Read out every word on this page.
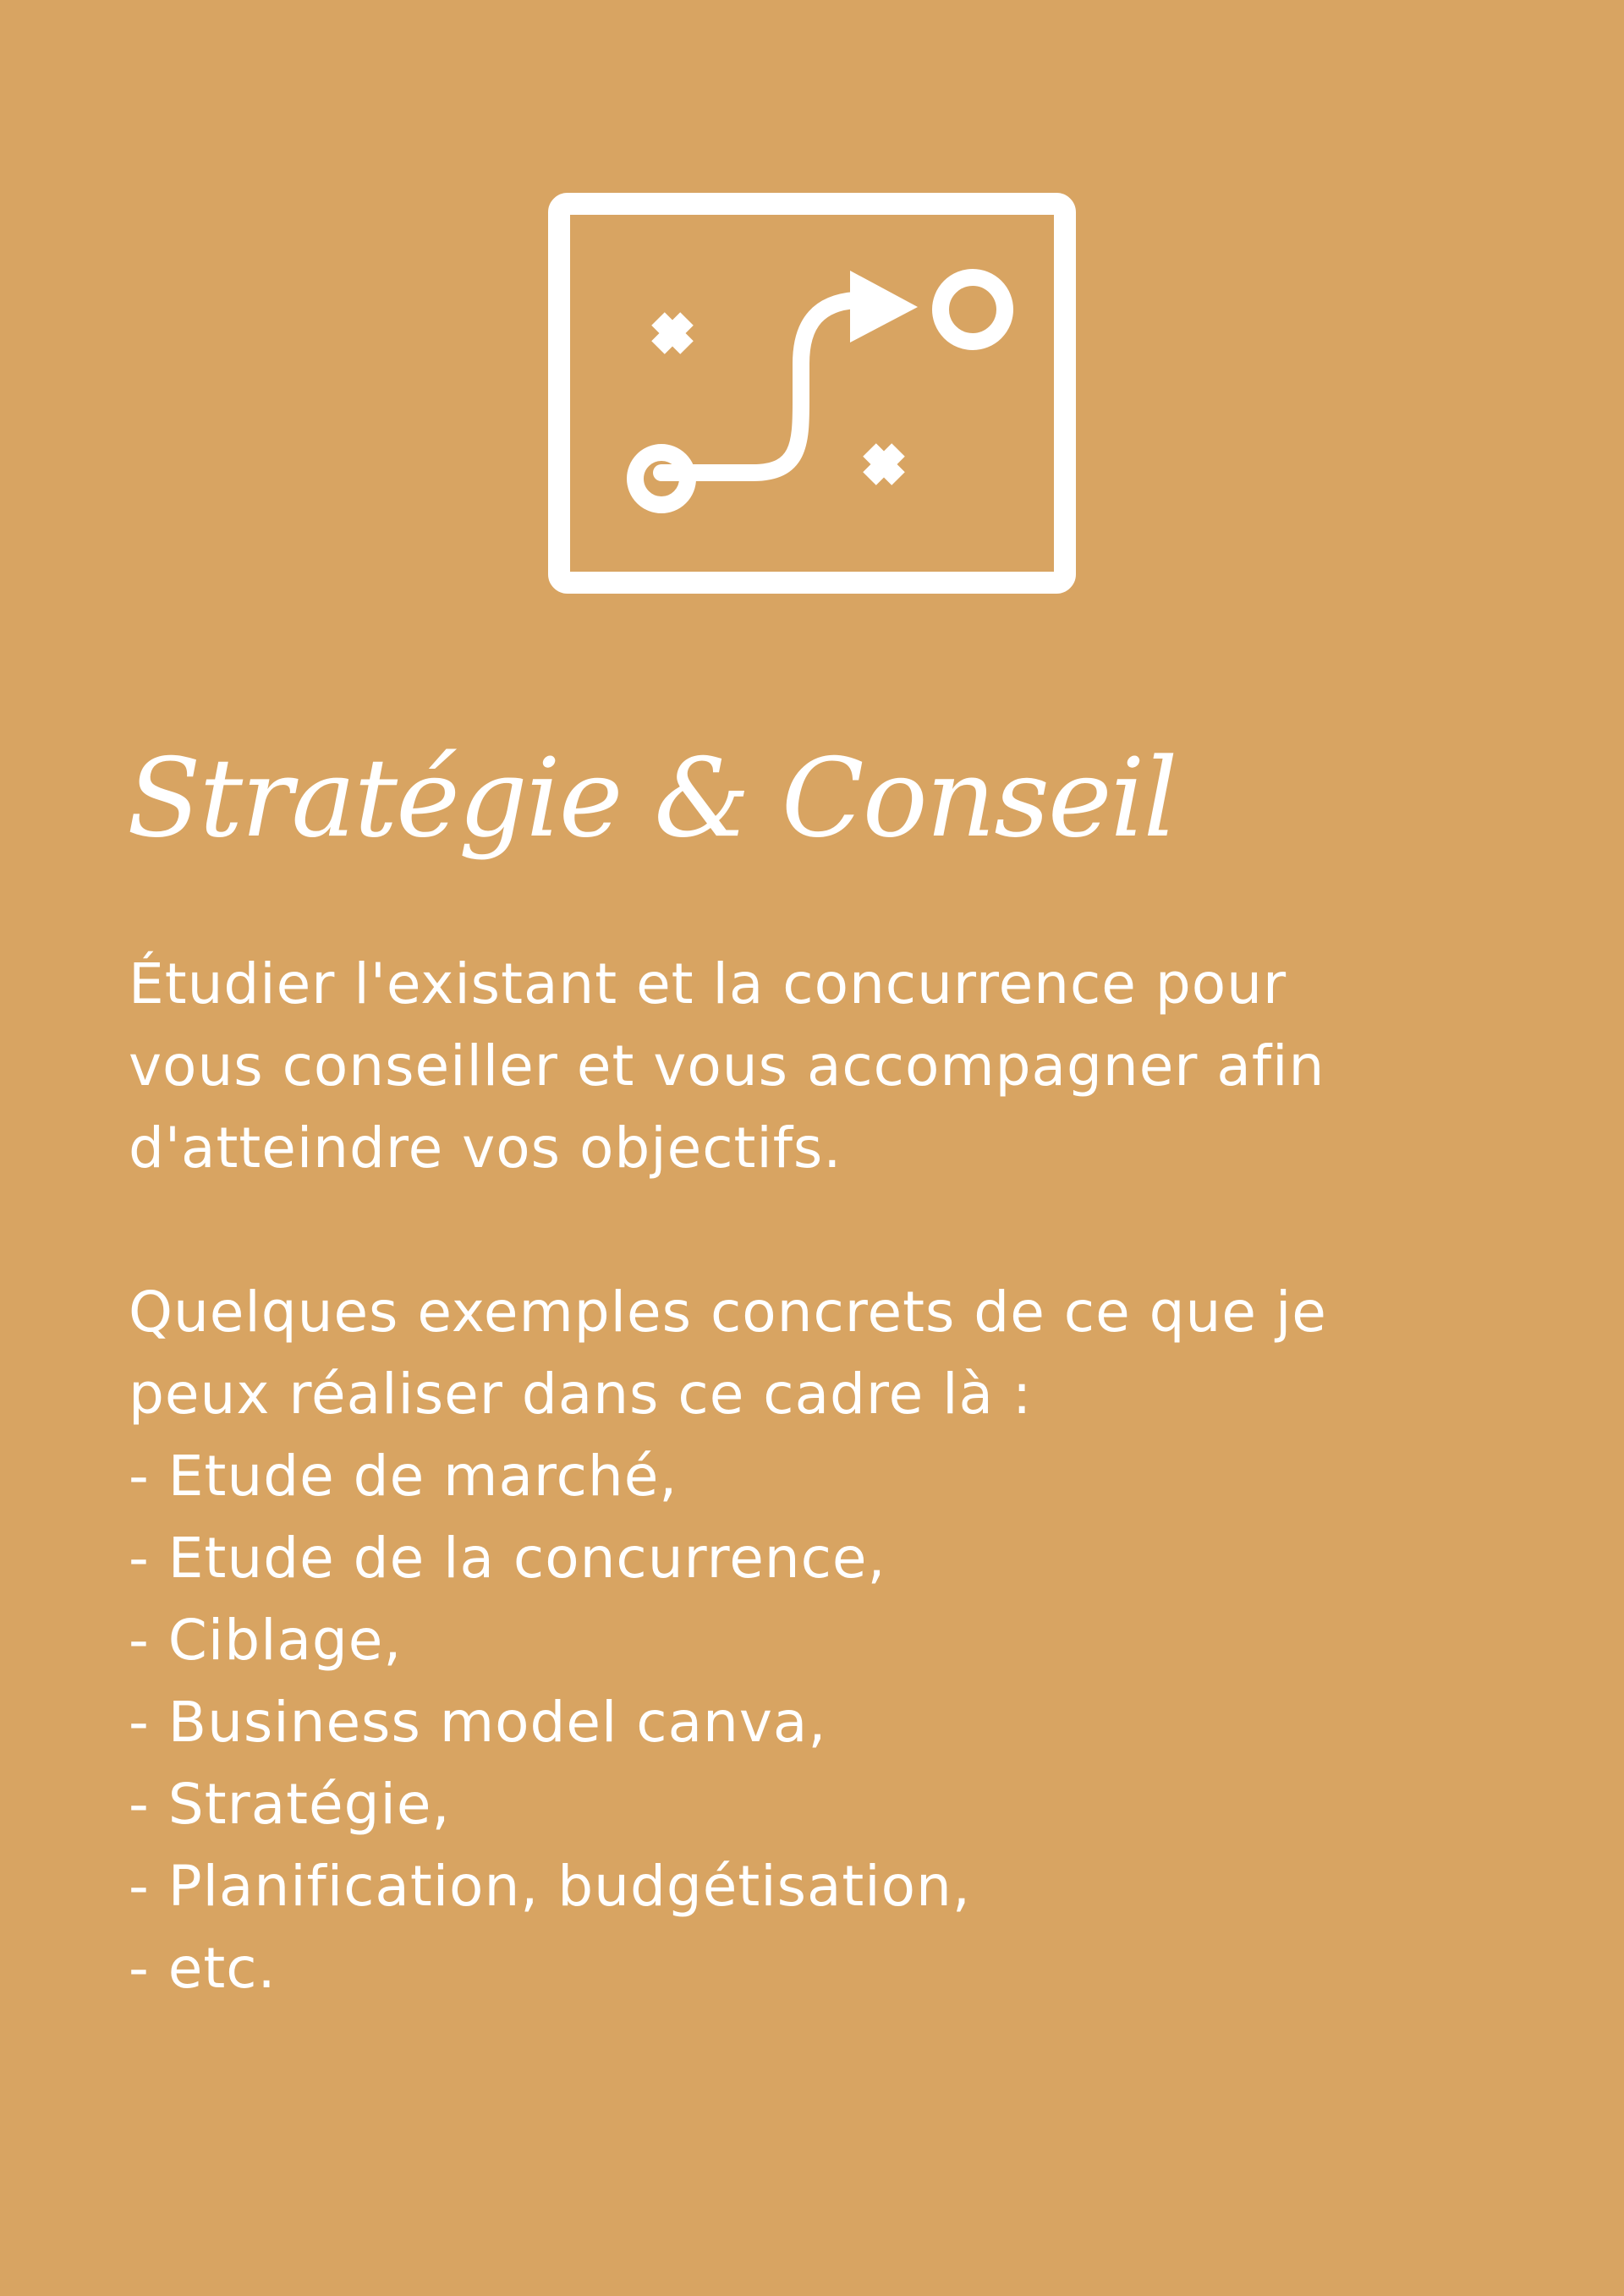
Stratégie & Conseil

Étudier l'existant et la concurrence pour
vous conseiller et vous accompagner afin
d'atteindre vos objectifs.

Quelques exemples concrets de ce que je
peux réaliser dans ce cadre là :

- Etude de marché,
- Etude de la concurrence,
- Ciblage,
- Business model canva,
- Stratégie,
- Planification, budgétisation,
- etc.
